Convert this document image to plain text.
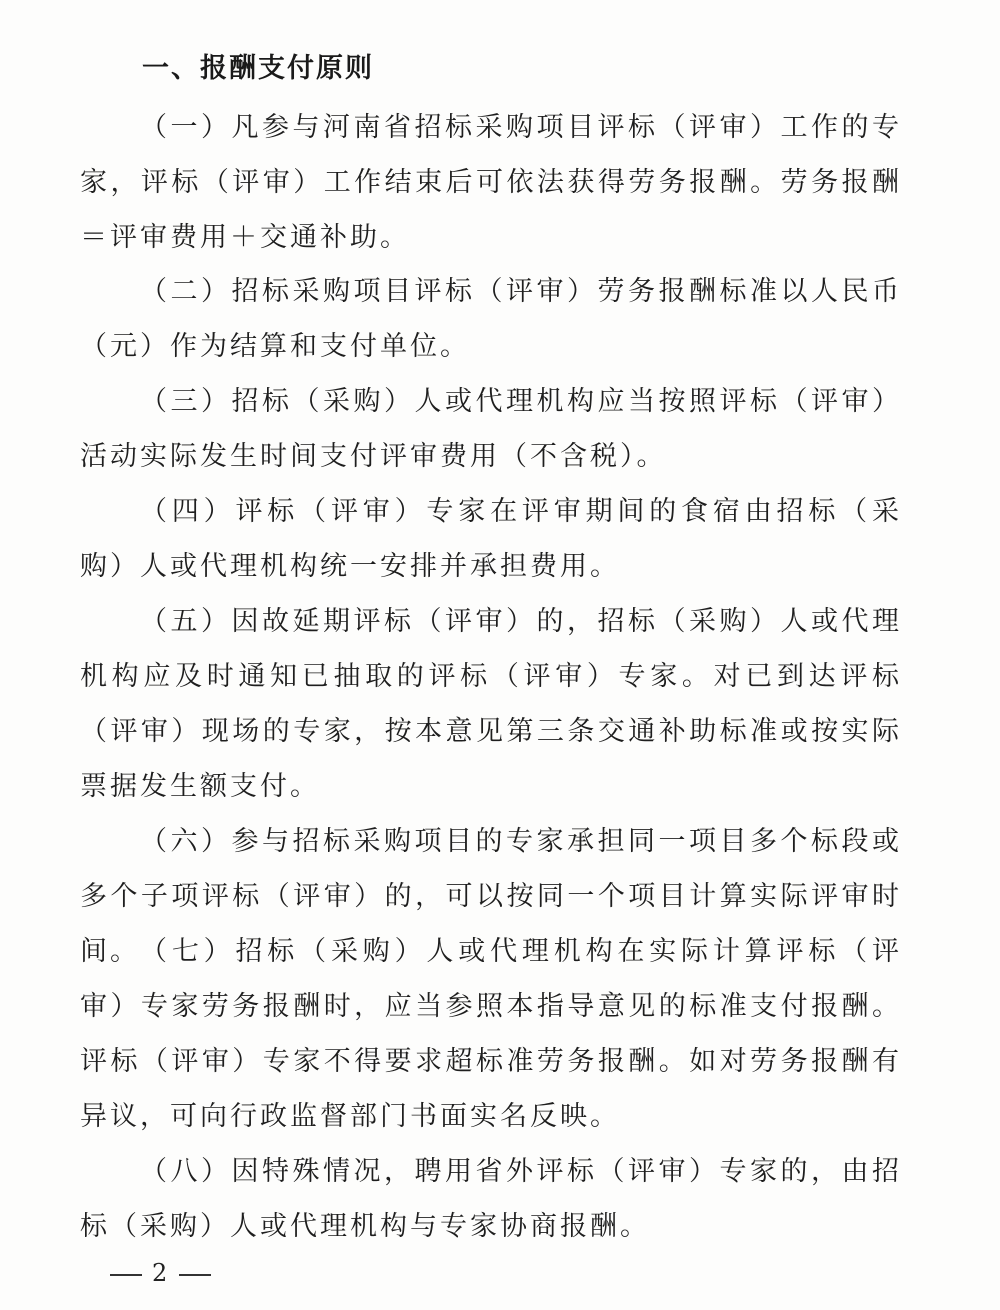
一、报酬支付原则

（一）凡参与河南省招标采购项目评标（评审）工作的专家，评标（评审）工作结束后可依法获得劳务报酬。劳务报酬＝评审费用＋交通补助。

（二）招标采购项目评标（评审）劳务报酬标准以人民币（元）作为结算和支付单位。

（三）招标（采购）人或代理机构应当按照评标（评审）活动实际发生时间支付评审费用（不含税）。

（四）评标（评审）专家在评审期间的食宿由招标（采购）人或代理机构统一安排并承担费用。

（五）因故延期评标（评审）的，招标（采购）人或代理机构应及时通知已抽取的评标（评审）专家。对已到达评标（评审）现场的专家，按本意见第三条交通补助标准或按实际票据发生额支付。

（六）参与招标采购项目的专家承担同一项目多个标段或多个子项评标（评审）的，可以按同一个项目计算实际评审时间。 （七）招标（采购）人或代理机构在实际计算评标（评审）专家劳务报酬时，应当参照本指导意见的标准支付报酬。评标（评审）专家不得要求超标准劳务报酬。如对劳务报酬有异议，可向行政监督部门书面实名反映。

（八）因特殊情况，聘用省外评标（评审）专家的，由招标（采购）人或代理机构与专家协商报酬。

2
